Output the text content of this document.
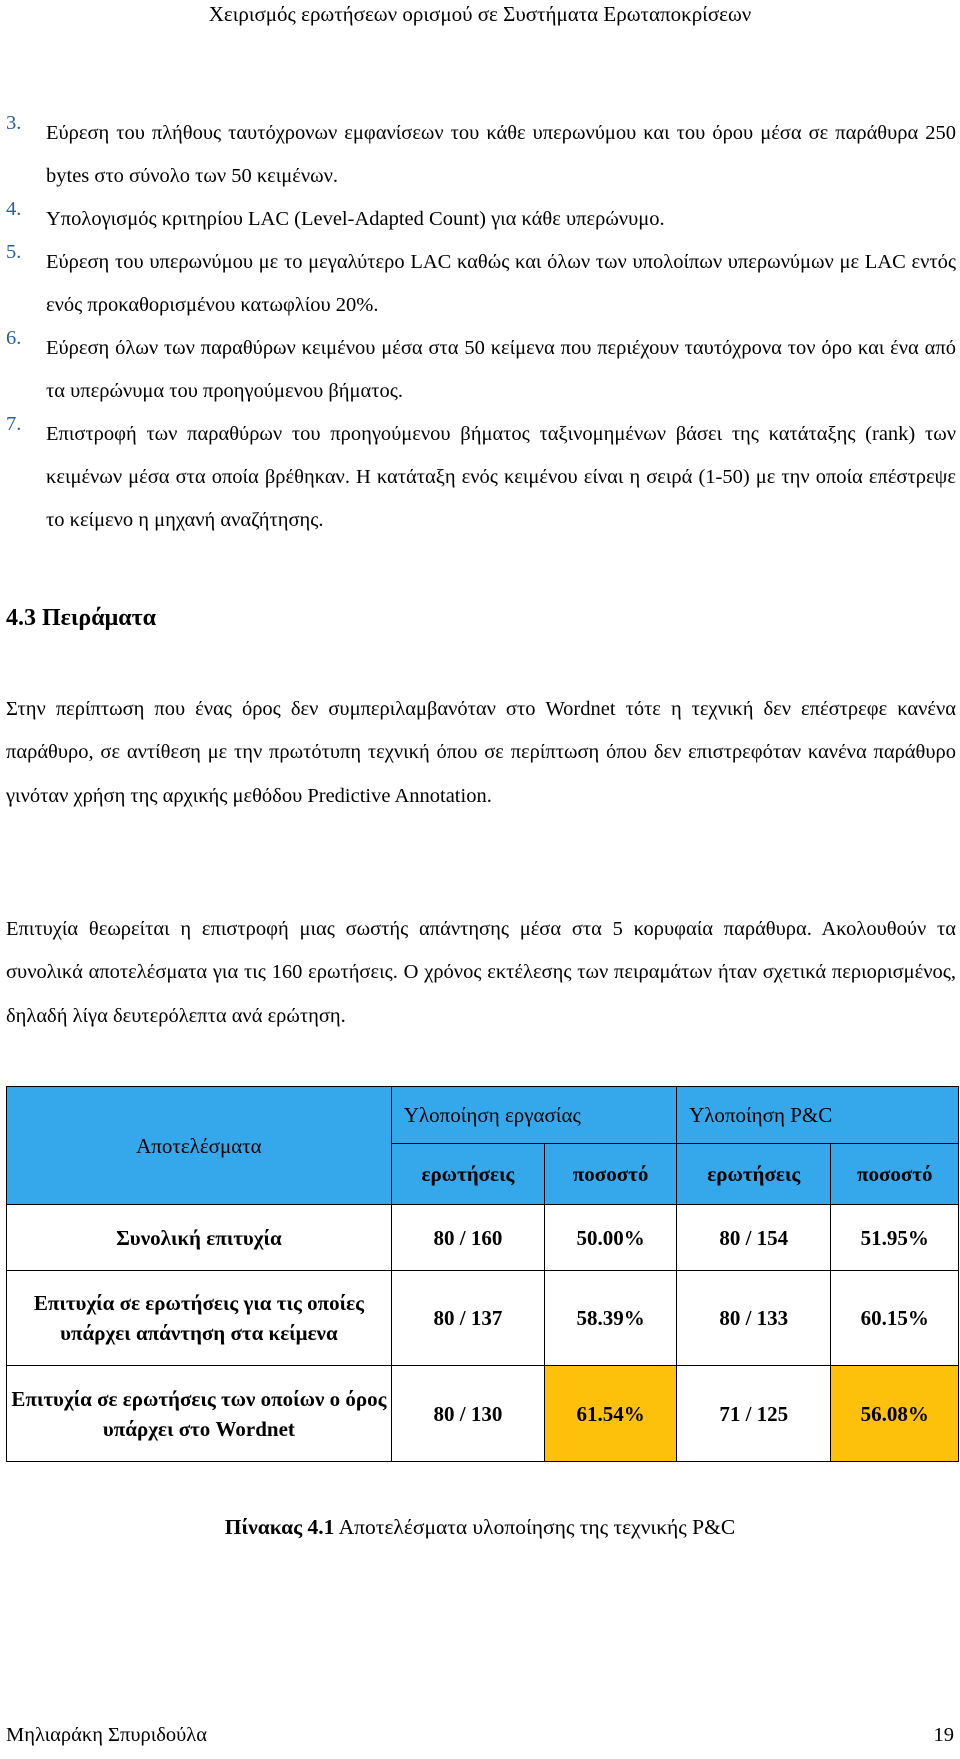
Χειρισμός ερωτήσεων ορισμού σε Συστήματα Ερωταποκρίσεων
3.	Εύρεση του πλήθους ταυτόχρονων εμφανίσεων του κάθε υπερωνύμου και του όρου μέσα σε παράθυρα 250 bytes στο σύνολο των 50 κειμένων.
4.	Υπολογισμός κριτηρίου LAC (Level-Adapted Count) για κάθε υπερώνυμο.
5.	Εύρεση του υπερωνύμου με το μεγαλύτερο LAC καθώς και όλων των υπολοίπων υπερωνύμων με LAC εντός ενός προκαθορισμένου κατωφλίου 20%.
6.	Εύρεση όλων των παραθύρων κειμένου μέσα στα 50 κείμενα που περιέχουν ταυτόχρονα τον όρο και ένα από τα υπερώνυμα του προηγούμενου βήματος.
7.	Επιστροφή των παραθύρων του προηγούμενου βήματος ταξινομημένων βάσει της κατάταξης (rank) των κειμένων μέσα στα οποία βρέθηκαν. Η κατάταξη ενός κειμένου είναι η σειρά (1-50) με την οποία επέστρεψε το κείμενο η μηχανή αναζήτησης.
4.3 Πειράματα

Στην περίπτωση που ένας όρος δεν συμπεριλαμβανόταν στο Wordnet τότε η τεχνική δεν επέστρεφε κανένα παράθυρο, σε αντίθεση με την πρωτότυπη τεχνική όπου σε περίπτωση όπου δεν επιστρεφόταν κανένα παράθυρο γινόταν χρήση της αρχικής μεθόδου Predictive Annotation.

Επιτυχία θεωρείται η επιστροφή μιας σωστής απάντησης μέσα στα 5 κορυφαία παράθυρα. Ακολουθούν τα συνολικά αποτελέσματα για τις 160 ερωτήσεις. Ο χρόνος εκτέλεσης των πειραμάτων ήταν σχετικά περιορισμένος, δηλαδή λίγα δευτερόλεπτα ανά ερώτηση.

Αποτελέσματα	Υλοποίηση εργασίας		Υλοποίηση P&C	
	ερωτήσεις	ποσοστό	ερωτήσεις	ποσοστό
Συνολική επιτυχία	80 / 160	50.00%	80 / 154	51.95%
Επιτυχία σε ερωτήσεις για τις οποίες υπάρχει απάντηση στα κείμενα	80 / 137	58.39%	80 / 133	60.15%
Επιτυχία σε ερωτήσεις των οποίων ο όρος υπάρχει στο Wordnet	80 / 130	61.54%	71 / 125	56.08%
Πίνακας 4.1 Αποτελέσματα υλοποίησης της τεχνικής P&C
Μηλιαράκη Σπυριδούλα	19
